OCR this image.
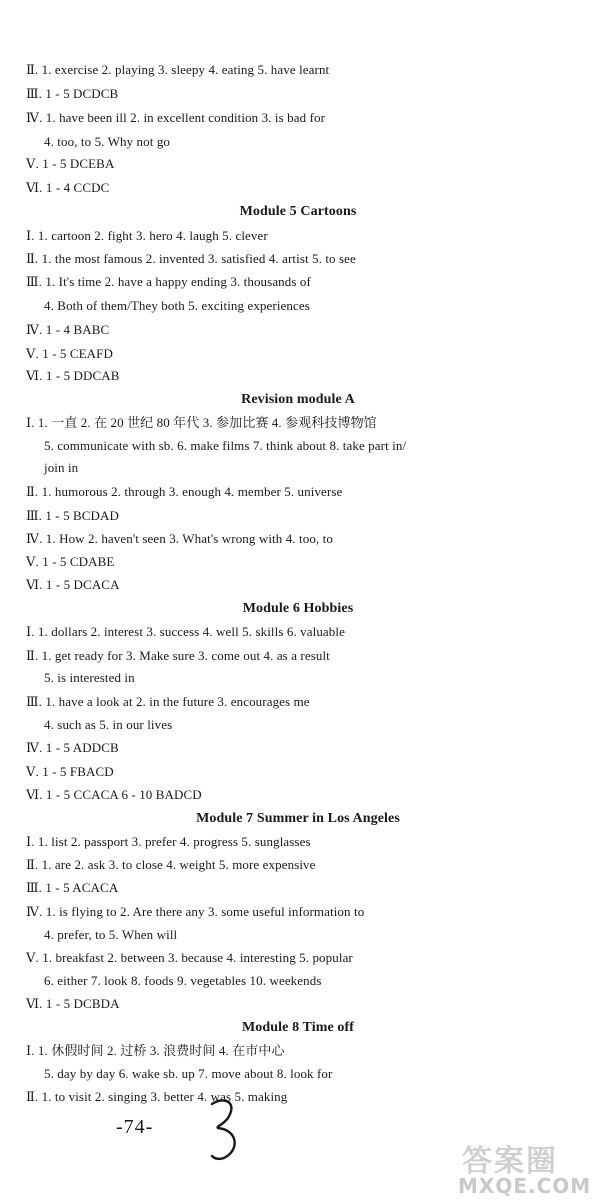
Ⅱ. 1. exercise 2. playing 3. sleepy 4. eating 5. have learnt
Ⅲ. 1 - 5 DCDCB
Ⅳ. 1. have been ill 2. in excellent condition 3. is bad for
4. too, to 5. Why not go
Ⅴ. 1 - 5 DCEBA
Ⅵ. 1 - 4 CCDC
Module 5 Cartoons
Ⅰ. 1. cartoon 2. fight 3. hero 4. laugh 5. clever
Ⅱ. 1. the most famous 2. invented 3. satisfied 4. artist 5. to see
Ⅲ. 1. It's time 2. have a happy ending 3. thousands of
4. Both of them/They both 5. exciting experiences
Ⅳ. 1 - 4 BABC
Ⅴ. 1 - 5 CEAFD
Ⅵ. 1 - 5 DDCAB
Revision module A
Ⅰ. 1. 一直 2. 在 20 世纪 80 年代 3. 参加比赛 4. 参观科技博物馆
5. communicate with sb. 6. make films 7. think about 8. take part in/
join in
Ⅱ. 1. humorous 2. through 3. enough 4. member 5. universe
Ⅲ. 1 - 5 BCDAD
Ⅳ. 1. How 2. haven't seen 3. What's wrong with 4. too, to
Ⅴ. 1 - 5 CDABE
Ⅵ. 1 - 5 DCACA
Module 6 Hobbies
Ⅰ. 1. dollars 2. interest 3. success 4. well 5. skills 6. valuable
Ⅱ. 1. get ready for 3. Make sure 3. come out 4. as a result
5. is interested in
Ⅲ. 1. have a look at 2. in the future 3. encourages me
4. such as 5. in our lives
Ⅳ. 1 - 5 ADDCB
Ⅴ. 1 - 5 FBACD
Ⅵ. 1 - 5 CCACA 6 - 10 BADCD
Module 7 Summer in Los Angeles
Ⅰ. 1. list 2. passport 3. prefer 4. progress 5. sunglasses
Ⅱ. 1. are 2. ask 3. to close 4. weight 5. more expensive
Ⅲ. 1 - 5 ACACA
Ⅳ. 1. is flying to 2. Are there any 3. some useful information to
4. prefer, to 5. When will
Ⅴ. 1. breakfast 2. between 3. because 4. interesting 5. popular
6. either 7. look 8. foods 9. vegetables 10. weekends
Ⅵ. 1 - 5 DCBDA
Module 8 Time off
Ⅰ. 1. 休假时间 2. 过桥 3. 浪费时间 4. 在市中心
5. day by day 6. wake sb. up 7. move about 8. look for
Ⅱ. 1. to visit 2. singing 3. better 4. was 5. making
-74-
答案圈
MXQE.COM
